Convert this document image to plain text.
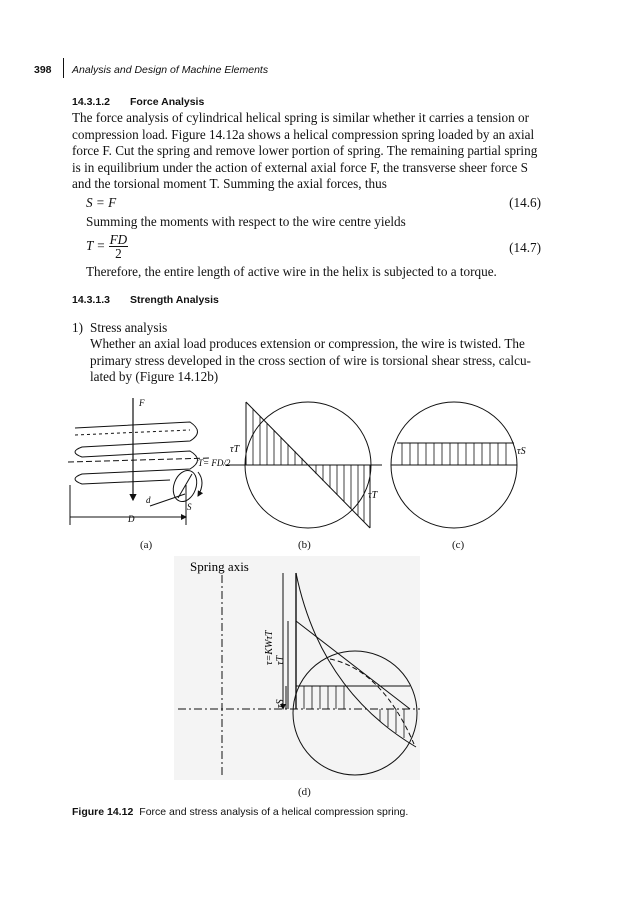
398 Analysis and Design of Machine Elements
14.3.1.2 Force Analysis
The force analysis of cylindrical helical spring is similar whether it carries a tension or
compression load. Figure 14.12a shows a helical compression spring loaded by an axial
force F. Cut the spring and remove lower portion of spring. The remaining partial spring
is in equilibrium under the action of external axial force F, the transverse sheer force S
and the torsional moment T. Summing the axial forces, thus
S = F	(14.6)
Summing the moments with respect to the wire centre yields
$T = \frac{FD}{2}$	(14.7)
Therefore, the entire length of active wire in the helix is subjected to a torque.
14.3.1.3 Strength Analysis
1) Stress analysis
Whether an axial load produces extension or compression, the wire is twisted. The
primary stress developed in the cross section of wire is torsional shear stress, calcu-
lated by (Figure 14.12b)
F
T= FD/2
d
D
S
τT
τT
τS
Spring axis
τ=KWτT τT
τS
(a)	(b)	(c)
(d)
Figure 14.12 Force and stress analysis of a helical compression spring.
